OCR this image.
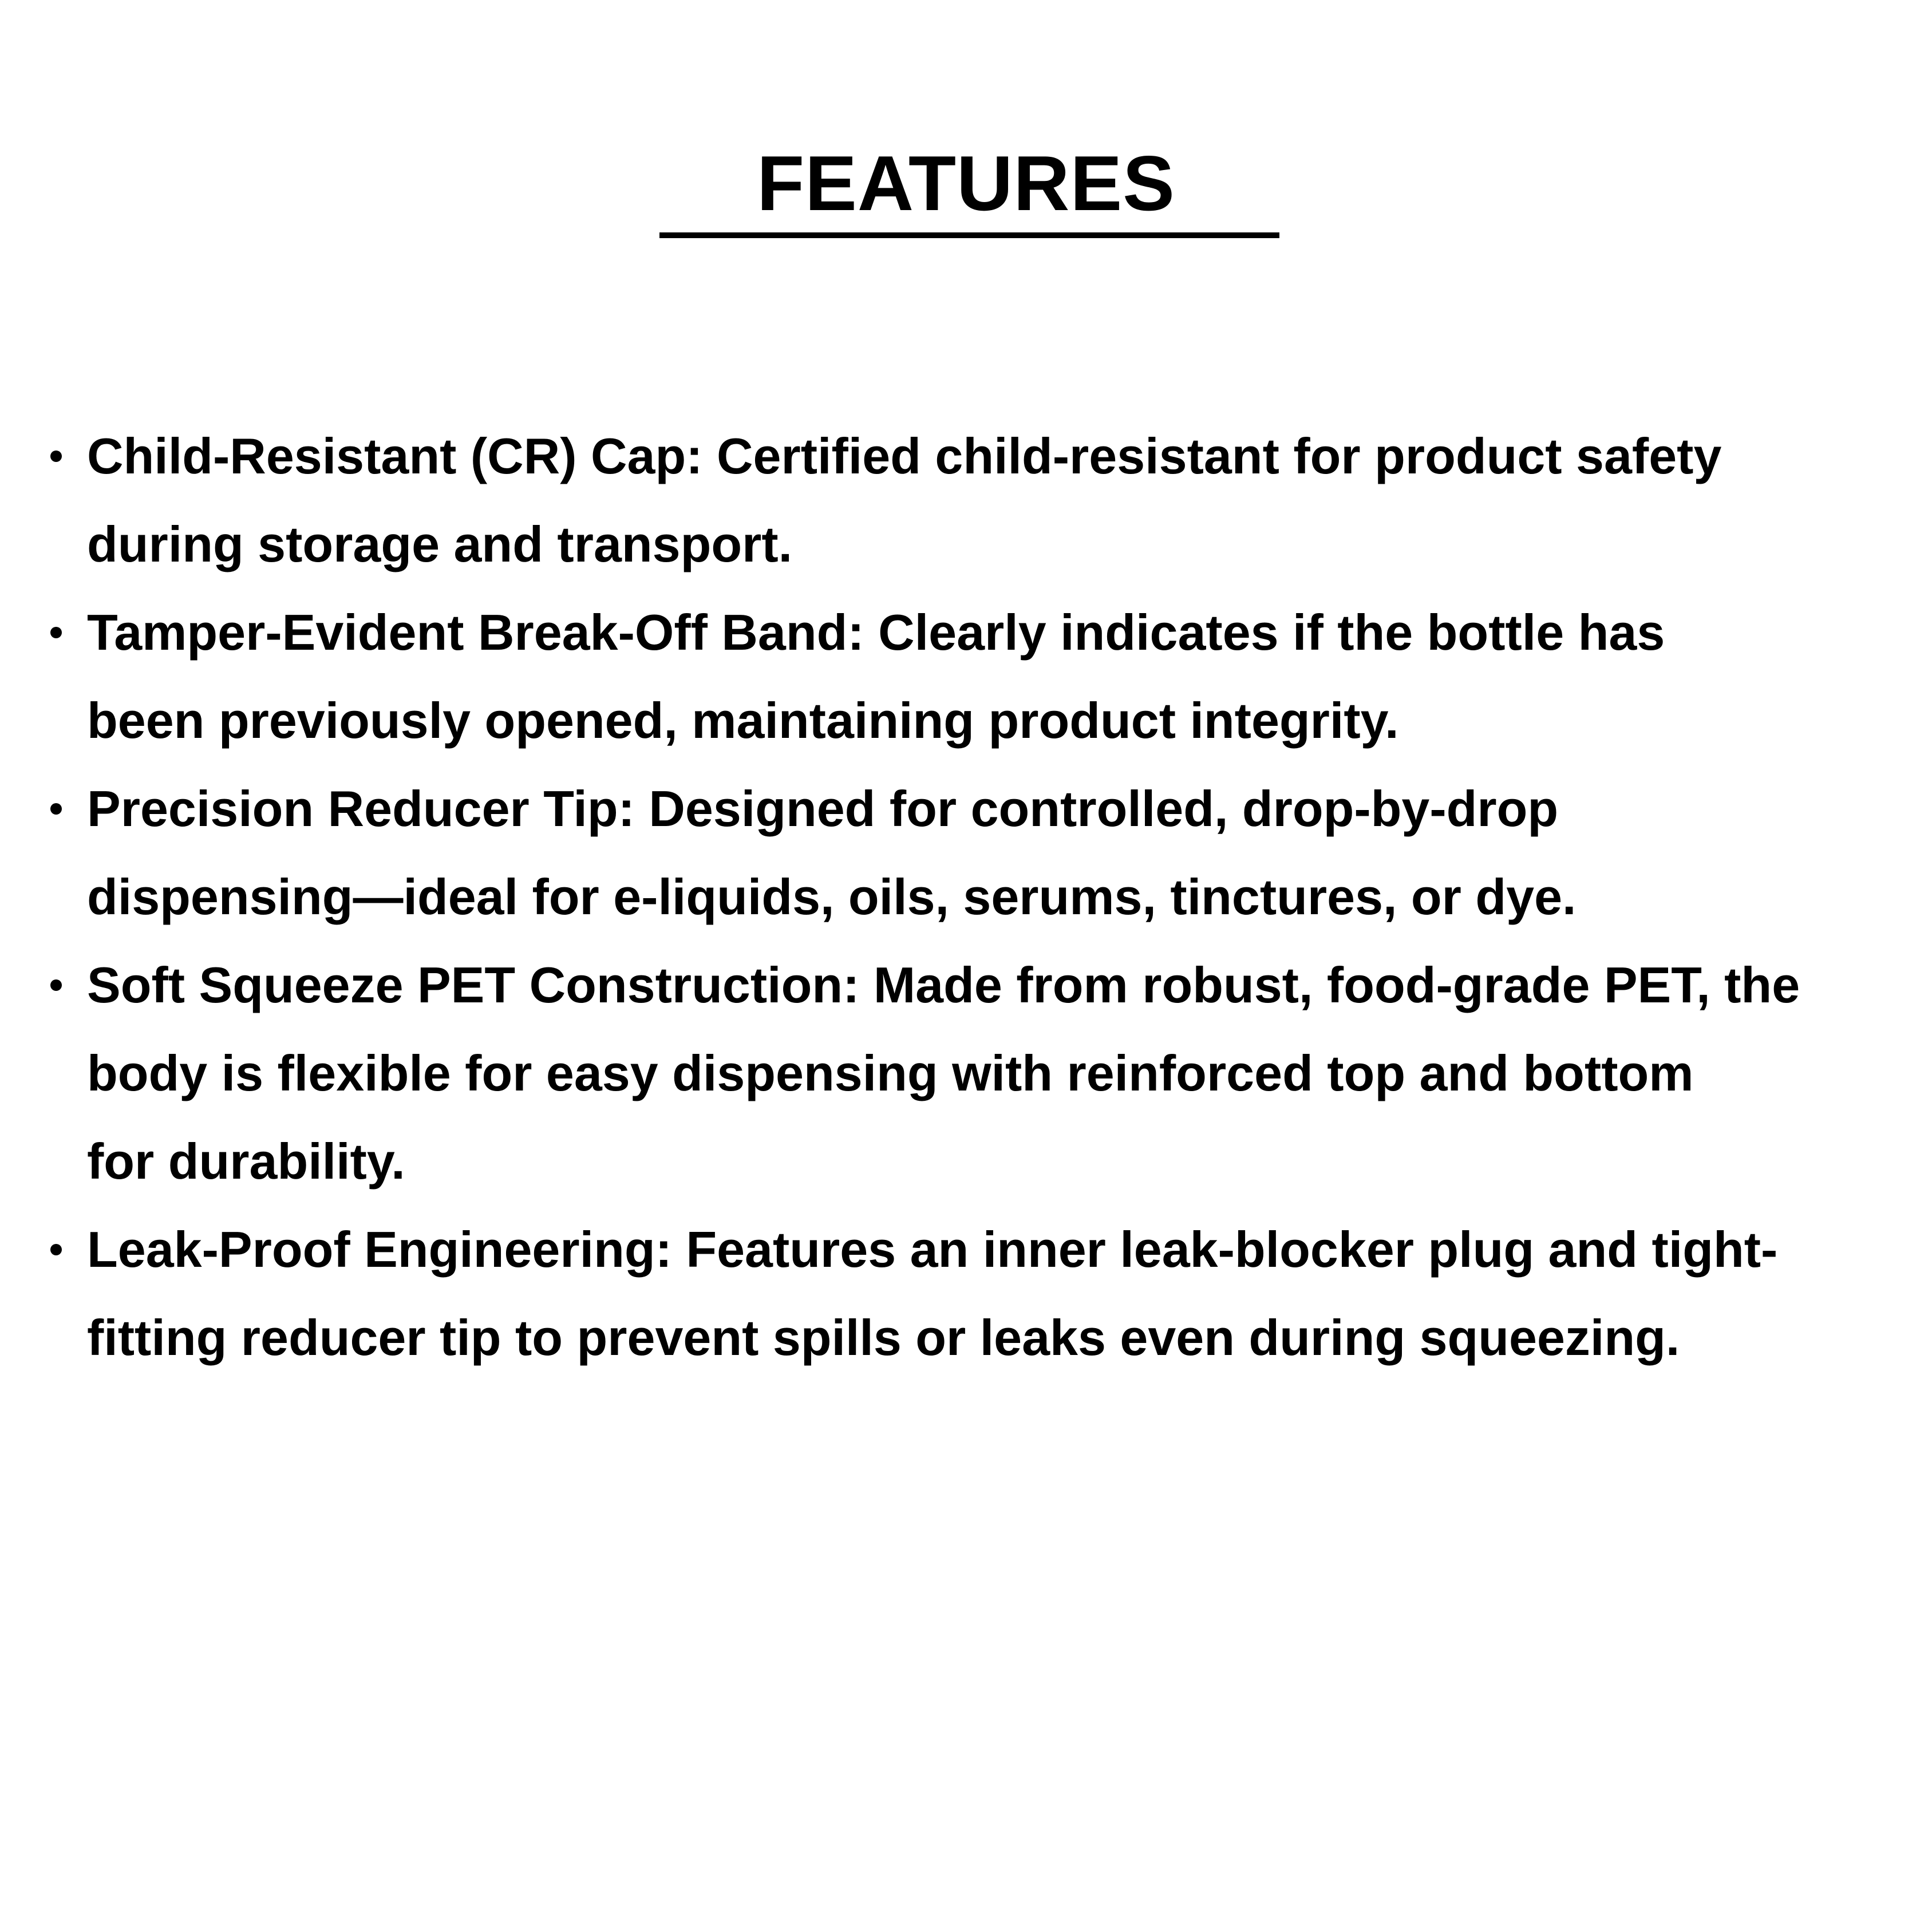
FEATURES
Child-Resistant (CR) Cap: Certified child-resistant for product safety
during storage and transport.
Tamper-Evident Break-Off Band: Clearly indicates if the bottle has
been previously opened, maintaining product integrity.
Precision Reducer Tip: Designed for controlled, drop-by-drop
dispensing—ideal for e-liquids, oils, serums, tinctures, or dye.
Soft Squeeze PET Construction: Made from robust, food-grade PET, the
body is flexible for easy dispensing with reinforced top and bottom
for durability.
Leak-Proof Engineering: Features an inner leak-blocker plug and tight-
fitting reducer tip to prevent spills or leaks even during squeezing.
